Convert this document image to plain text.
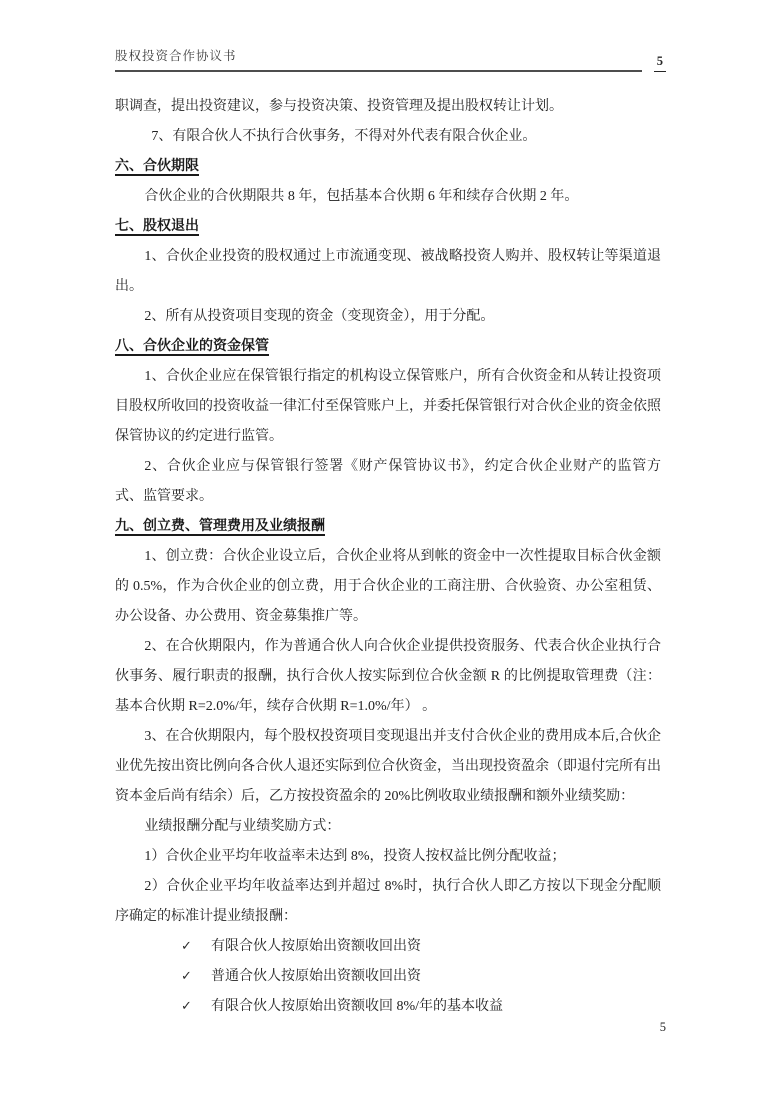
股权投资合作协议书	5

职调查，提出投资建议，参与投资决策、投资管理及提出股权转让计划。

7、有限合伙人不执行合伙事务，不得对外代表有限合伙企业。

六、合伙期限

合伙企业的合伙期限共 8 年，包括基本合伙期 6 年和续存合伙期 2 年。

七、股权退出

1、合伙企业投资的股权通过上市流通变现、被战略投资人购并、股权转让等渠道退出。

2、所有从投资项目变现的资金（变现资金），用于分配。

八、合伙企业的资金保管

1、合伙企业应在保管银行指定的机构设立保管账户，所有合伙资金和从转让投资项目股权所收回的投资收益一律汇付至保管账户上，并委托保管银行对合伙企业的资金依照保管协议的约定进行监管。

2、合伙企业应与保管银行签署《财产保管协议书》，约定合伙企业财产的监管方式、监管要求。

九、创立费、管理费用及业绩报酬

1、创立费：合伙企业设立后，合伙企业将从到帐的资金中一次性提取目标合伙金额的 0.5%，作为合伙企业的创立费，用于合伙企业的工商注册、合伙验资、办公室租赁、办公设备、办公费用、资金募集推广等。

2、在合伙期限内，作为普通合伙人向合伙企业提供投资服务、代表合伙企业执行合伙事务、履行职责的报酬，执行合伙人按实际到位合伙金额 R 的比例提取管理费（注：基本合伙期 R=2.0%/年，续存合伙期 R=1.0%/年） 。

3、在合伙期限内，每个股权投资项目变现退出并支付合伙企业的费用成本后,合伙企业优先按出资比例向各合伙人退还实际到位合伙资金，当出现投资盈余（即退付完所有出资本金后尚有结余）后，乙方按投资盈余的 20%比例收取业绩报酬和额外业绩奖励：

业绩报酬分配与业绩奖励方式：

1）合伙企业平均年收益率未达到 8%，投资人按权益比例分配收益；

2）合伙企业平均年收益率达到并超过 8%时，执行合伙人即乙方按以下现金分配顺序确定的标准计提业绩报酬：

✓	有限合伙人按原始出资额收回出资
✓	普通合伙人按原始出资额收回出资
✓	有限合伙人按原始出资额收回 8%/年的基本收益
5
